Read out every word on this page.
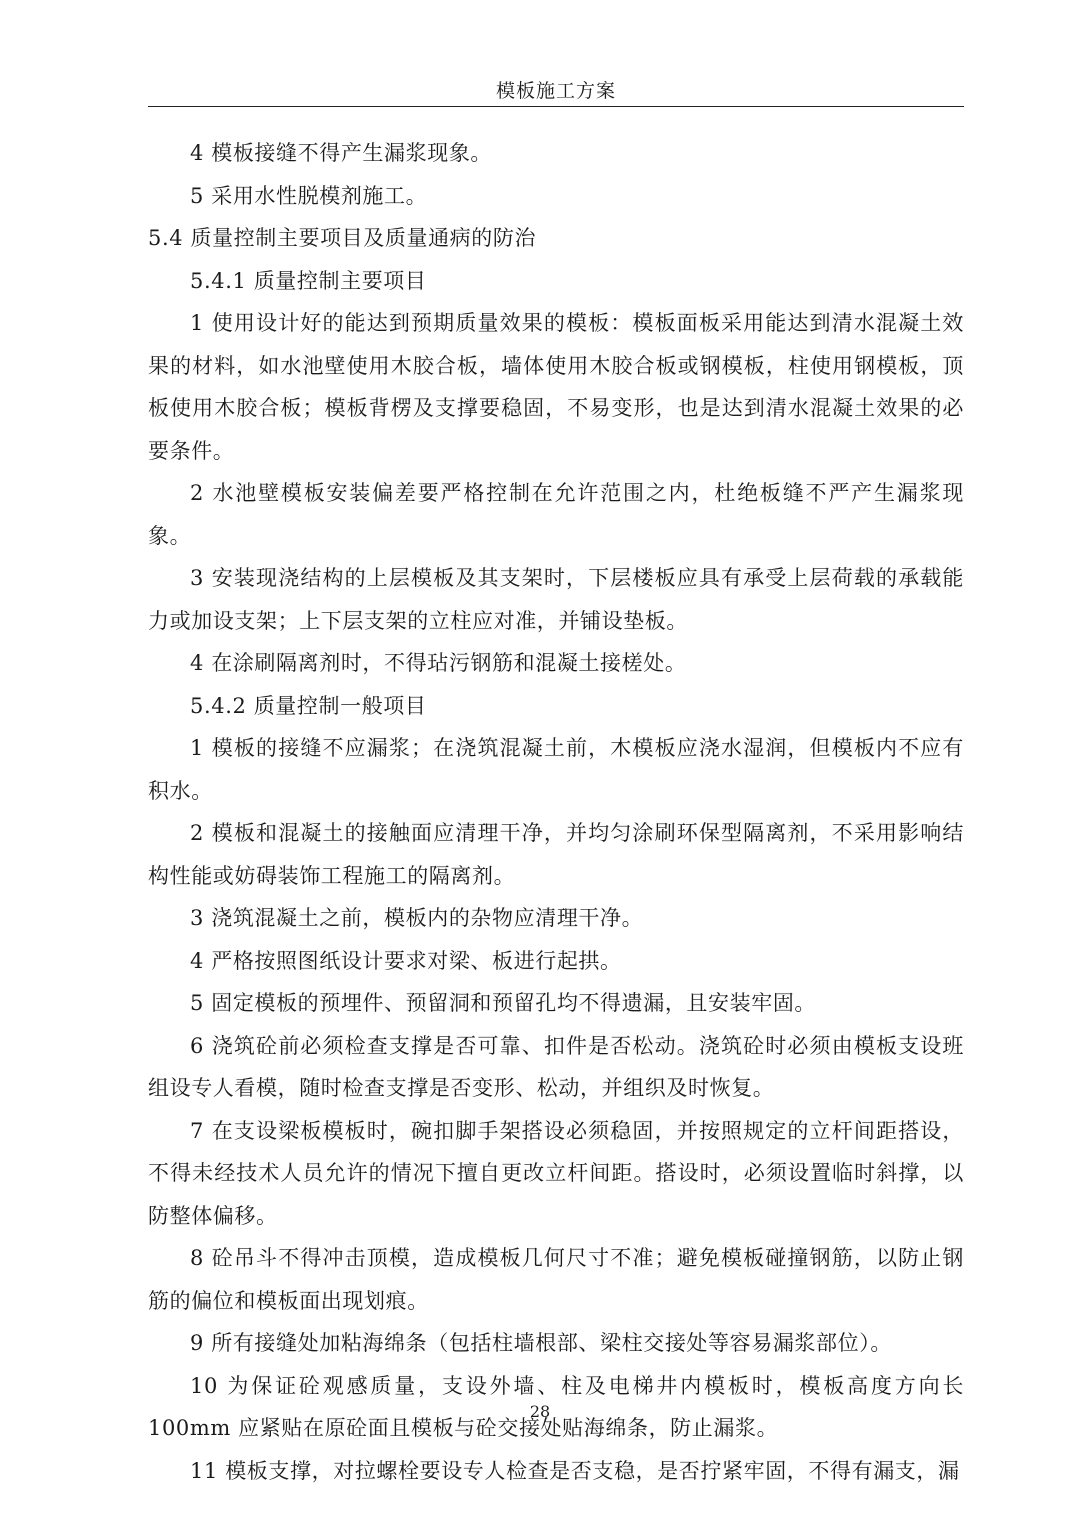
模板施工方案

4 模板接缝不得产生漏浆现象。

5 采用水性脱模剂施工。

5.4 质量控制主要项目及质量通病的防治

5.4.1 质量控制主要项目

1 使用设计好的能达到预期质量效果的模板：模板面板采用能达到清水混凝土效果的材料，如水池壁使用木胶合板，墙体使用木胶合板或钢模板，柱使用钢模板，顶板使用木胶合板；模板背楞及支撑要稳固，不易变形，也是达到清水混凝土效果的必要条件。

2 水池壁模板安装偏差要严格控制在允许范围之内，杜绝板缝不严产生漏浆现象。

3 安装现浇结构的上层模板及其支架时，下层楼板应具有承受上层荷载的承载能力或加设支架；上下层支架的立柱应对准，并铺设垫板。

4 在涂刷隔离剂时，不得玷污钢筋和混凝土接槎处。

5.4.2 质量控制一般项目

1 模板的接缝不应漏浆；在浇筑混凝土前，木模板应浇水湿润，但模板内不应有积水。

2 模板和混凝土的接触面应清理干净，并均匀涂刷环保型隔离剂，不采用影响结构性能或妨碍装饰工程施工的隔离剂。

3 浇筑混凝土之前，模板内的杂物应清理干净。

4 严格按照图纸设计要求对梁、板进行起拱。

5 固定模板的预埋件、预留洞和预留孔均不得遗漏，且安装牢固。

6 浇筑砼前必须检查支撑是否可靠、扣件是否松动。浇筑砼时必须由模板支设班组设专人看模，随时检查支撑是否变形、松动，并组织及时恢复。

7 在支设梁板模板时，碗扣脚手架搭设必须稳固，并按照规定的立杆间距搭设，不得未经技术人员允许的情况下擅自更改立杆间距。搭设时，必须设置临时斜撑，以防整体偏移。

8 砼吊斗不得冲击顶模，造成模板几何尺寸不准；避免模板碰撞钢筋，以防止钢筋的偏位和模板面出现划痕。

9 所有接缝处加粘海绵条（包括柱墙根部、梁柱交接处等容易漏浆部位）。

10 为保证砼观感质量，支设外墙、柱及电梯井内模板时，模板高度方向长 100mm 应紧贴在原砼面且模板与砼交接处贴海绵条，防止漏浆。

11 模板支撑，对拉螺栓要设专人检查是否支稳，是否拧紧牢固，不得有漏支，漏

28
